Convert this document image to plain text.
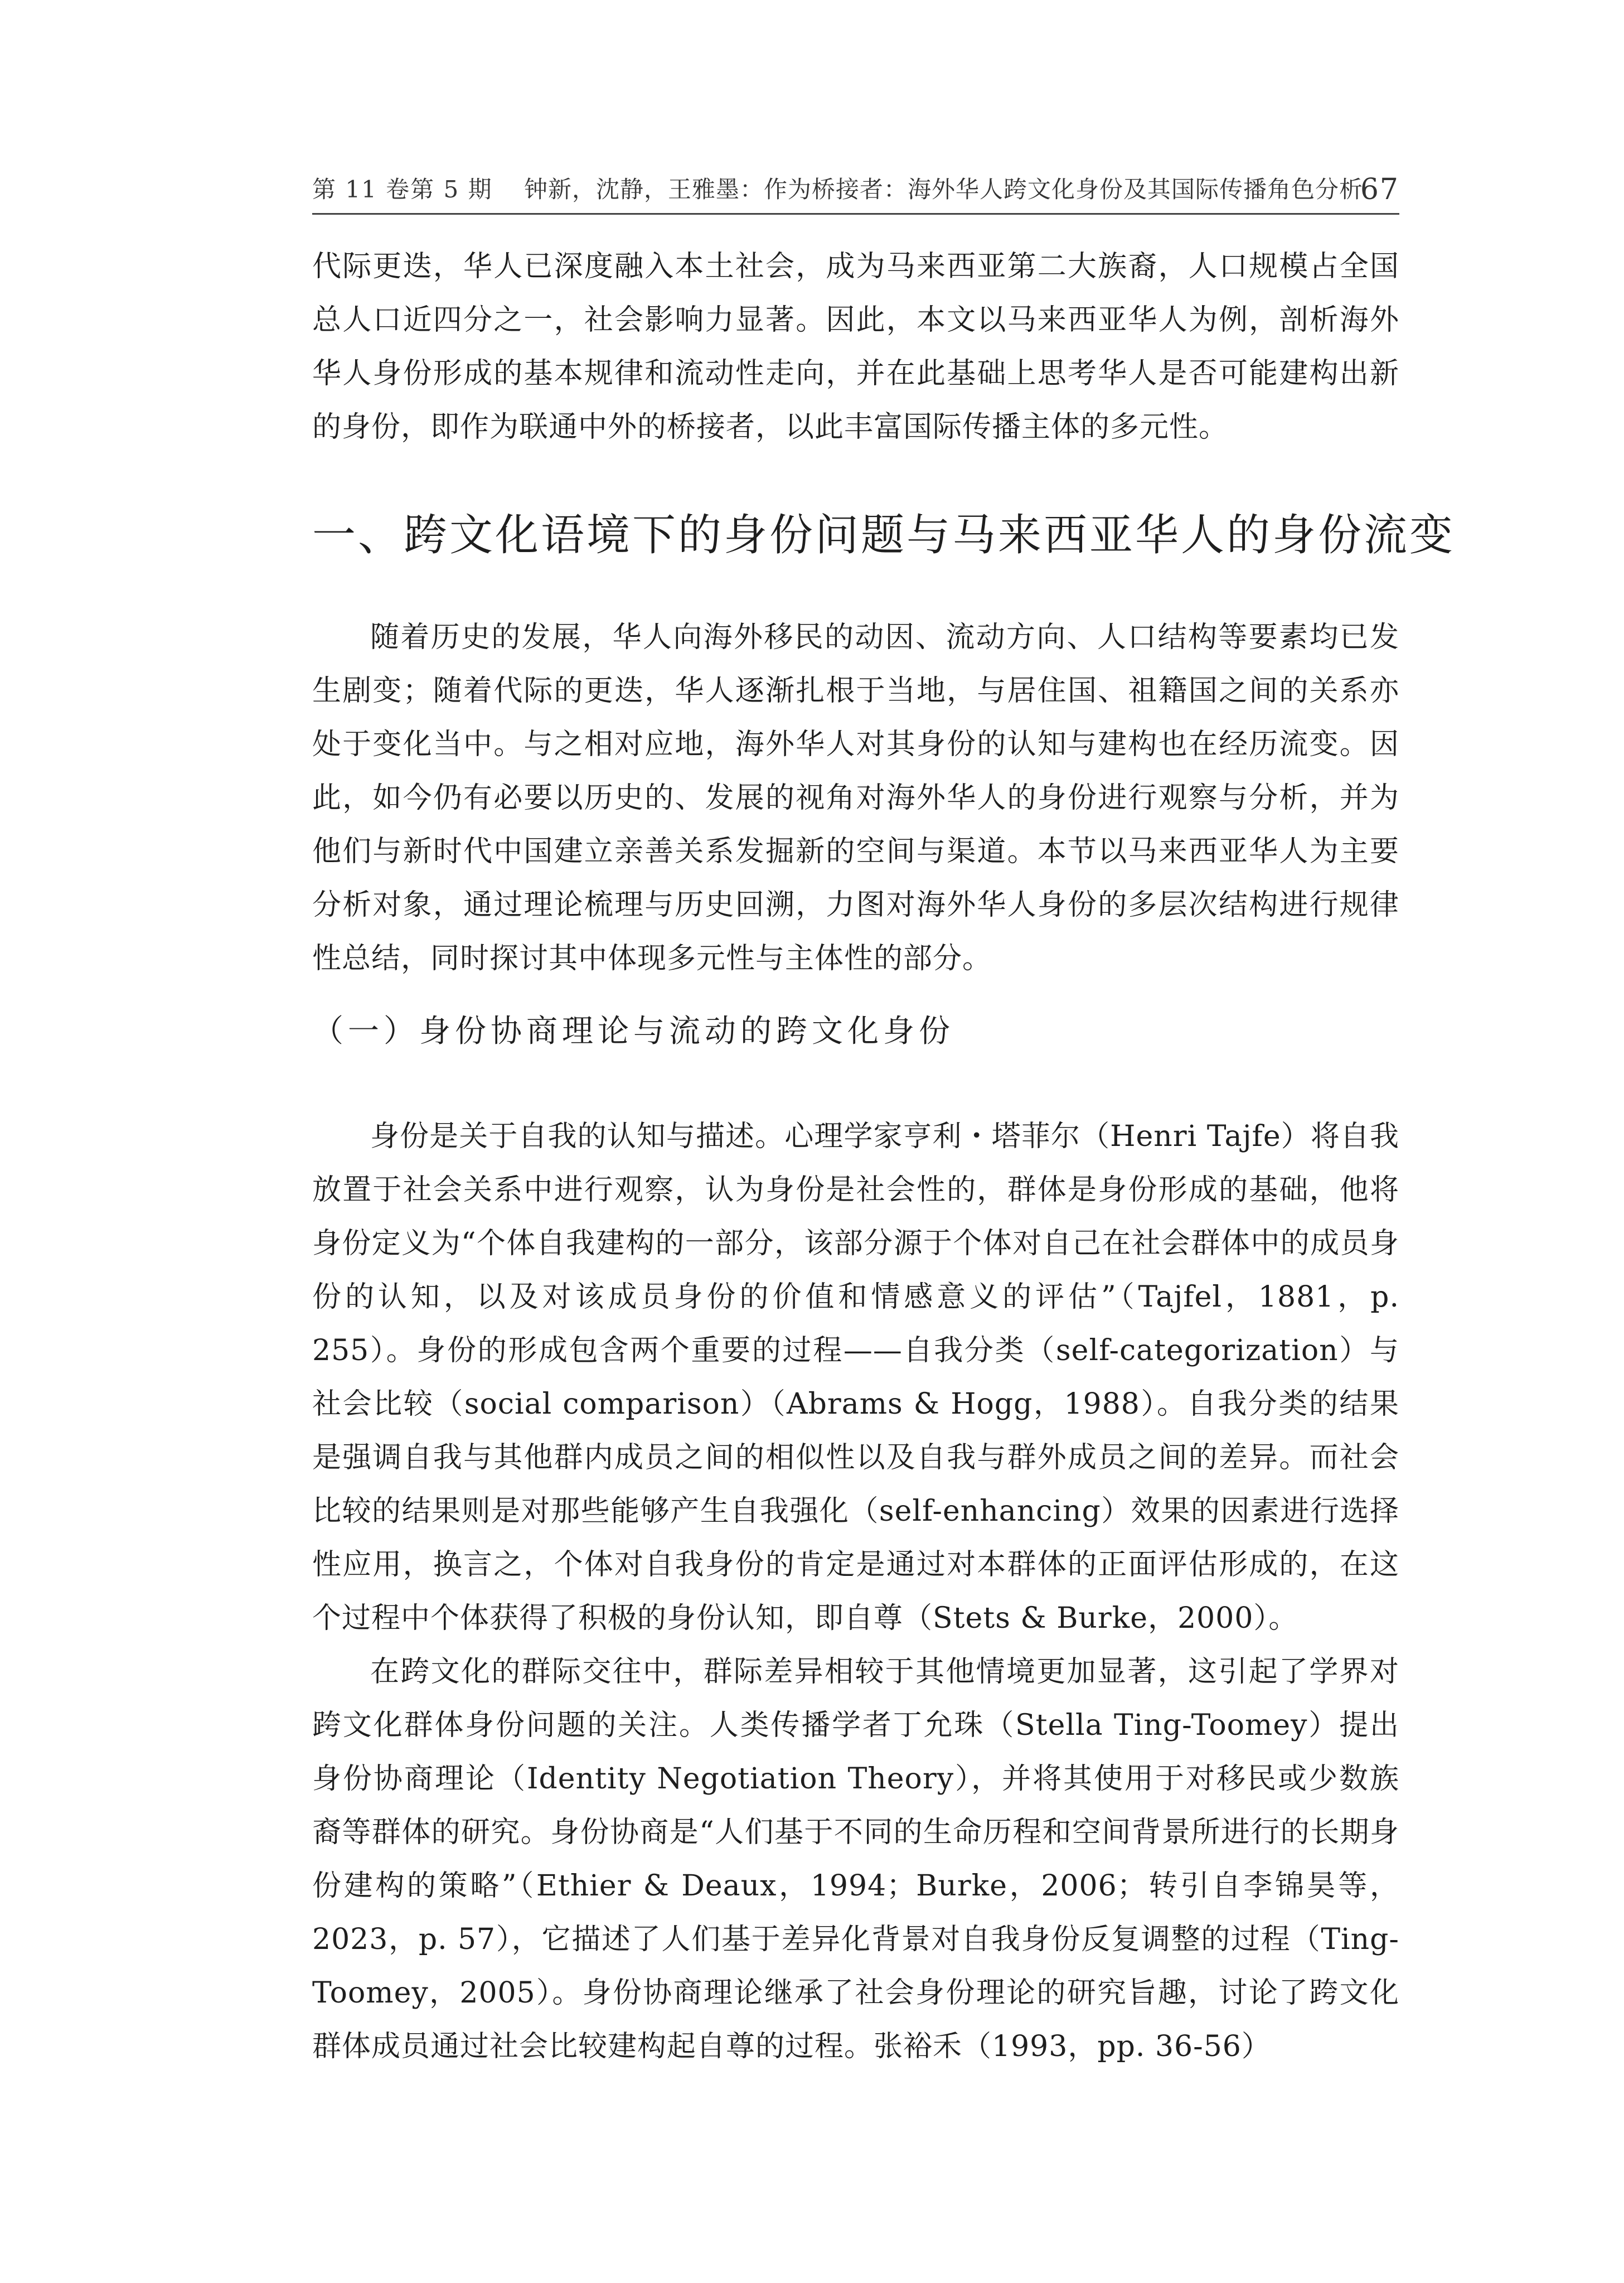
第 11 卷第 5 期 钟新，沈静，王雅墨：作为桥接者：海外华人跨文化身份及其国际传播角色分析
67

代际更迭，华人已深度融入本土社会，成为马来西亚第二大族裔，人口规模占全国总人口近四分之一，社会影响力显著。因此，本文以马来西亚华人为例，剖析海外华人身份形成的基本规律和流动性走向，并在此基础上思考华人是否可能建构出新的身份，即作为联通中外的桥接者，以此丰富国际传播主体的多元性。

一、跨文化语境下的身份问题与马来西亚华人的身份流变

随着历史的发展，华人向海外移民的动因、流动方向、人口结构等要素均已发生剧变；随着代际的更迭，华人逐渐扎根于当地，与居住国、祖籍国之间的关系亦处于变化当中。与之相对应地，海外华人对其身份的认知与建构也在经历流变。因此，如今仍有必要以历史的、发展的视角对海外华人的身份进行观察与分析，并为他们与新时代中国建立亲善关系发掘新的空间与渠道。本节以马来西亚华人为主要分析对象，通过理论梳理与历史回溯，力图对海外华人身份的多层次结构进行规律性总结，同时探讨其中体现多元性与主体性的部分。

（一）身份协商理论与流动的跨文化身份

身份是关于自我的认知与描述。心理学家亨利・塔菲尔（Henri Tajfe）将自我放置于社会关系中进行观察，认为身份是社会性的，群体是身份形成的基础，他将身份定义为“个体自我建构的一部分，该部分源于个体对自己在社会群体中的成员身份的认知，以及对该成员身份的价值和情感意义的评估”（Tajfel，1881，p. 255）。身份的形成包含两个重要的过程——自我分类（self-categorization）与社会比较（social comparison）（Abrams & Hogg，1988）。自我分类的结果是强调自我与其他群内成员之间的相似性以及自我与群外成员之间的差异。而社会比较的结果则是对那些能够产生自我强化（self-enhancing）效果的因素进行选择性应用，换言之，个体对自我身份的肯定是通过对本群体的正面评估形成的，在这个过程中个体获得了积极的身份认知，即自尊（Stets & Burke，2000）。

在跨文化的群际交往中，群际差异相较于其他情境更加显著，这引起了学界对跨文化群体身份问题的关注。人类传播学者丁允珠（Stella Ting-Toomey）提出身份协商理论（Identity Negotiation Theory），并将其使用于对移民或少数族裔等群体的研究。身份协商是“人们基于不同的生命历程和空间背景所进行的长期身份建构的策略”（Ethier & Deaux，1994；Burke，2006；转引自李锦昊等，2023，p. 57），它描述了人们基于差异化背景对自我身份反复调整的过程（Ting-Toomey，2005）。身份协商理论继承了社会身份理论的研究旨趣，讨论了跨文化群体成员通过社会比较建构起自尊的过程。张裕禾（1993，pp. 36-56）
